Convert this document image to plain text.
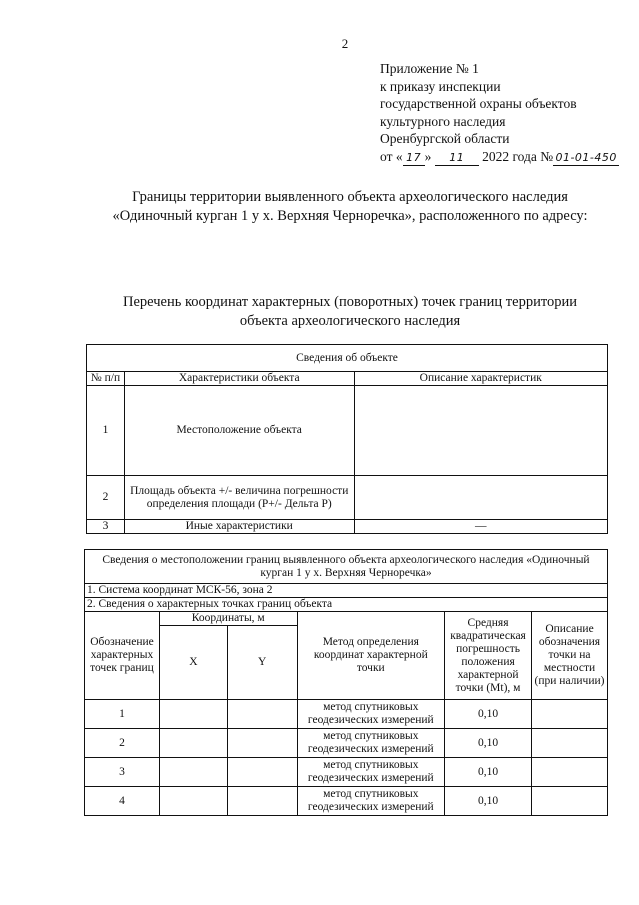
2
Приложение № 1
к приказу инспекции
государственной охраны объектов
культурного наследия
Оренбургской области
от « 17 » 11 2022 года № 01-01-450
Границы территории выявленного объекта археологического наследия
«Одиночный курган 1 у х. Верхняя Черноречка», расположенного по адресу:
Перечень координат характерных (поворотных) точек границ территории
объекта археологического наследия
Сведения об объекте		
№ п/п	Характеристики объекта	Описание характеристик
1	Местоположение объекта	
2	Площадь объекта +/- величина погрешности определения площади (Р+/- Дельта Р)	
3	Иные характеристики	—
Сведения о местоположении границ выявленного объекта археологического наследия «Одиночный курган 1 у х. Верхняя Черноречка»					
1. Система координат МСК-56, зона 2					
2. Сведения о характерных точках границ объекта					
Обозначение характерных точек границ	Координаты, м		Метод определения координат характерной точки	Средняя квадратическая погрешность положения характерной точки (Mt), м	Описание обозначения точки на местности (при наличии)
	X	Y			
1			метод спутниковых геодезических измерений	0,10	
2			метод спутниковых геодезических измерений	0,10	
3			метод спутниковых геодезических измерений	0,10	
4			метод спутниковых геодезических измерений	0,10	
